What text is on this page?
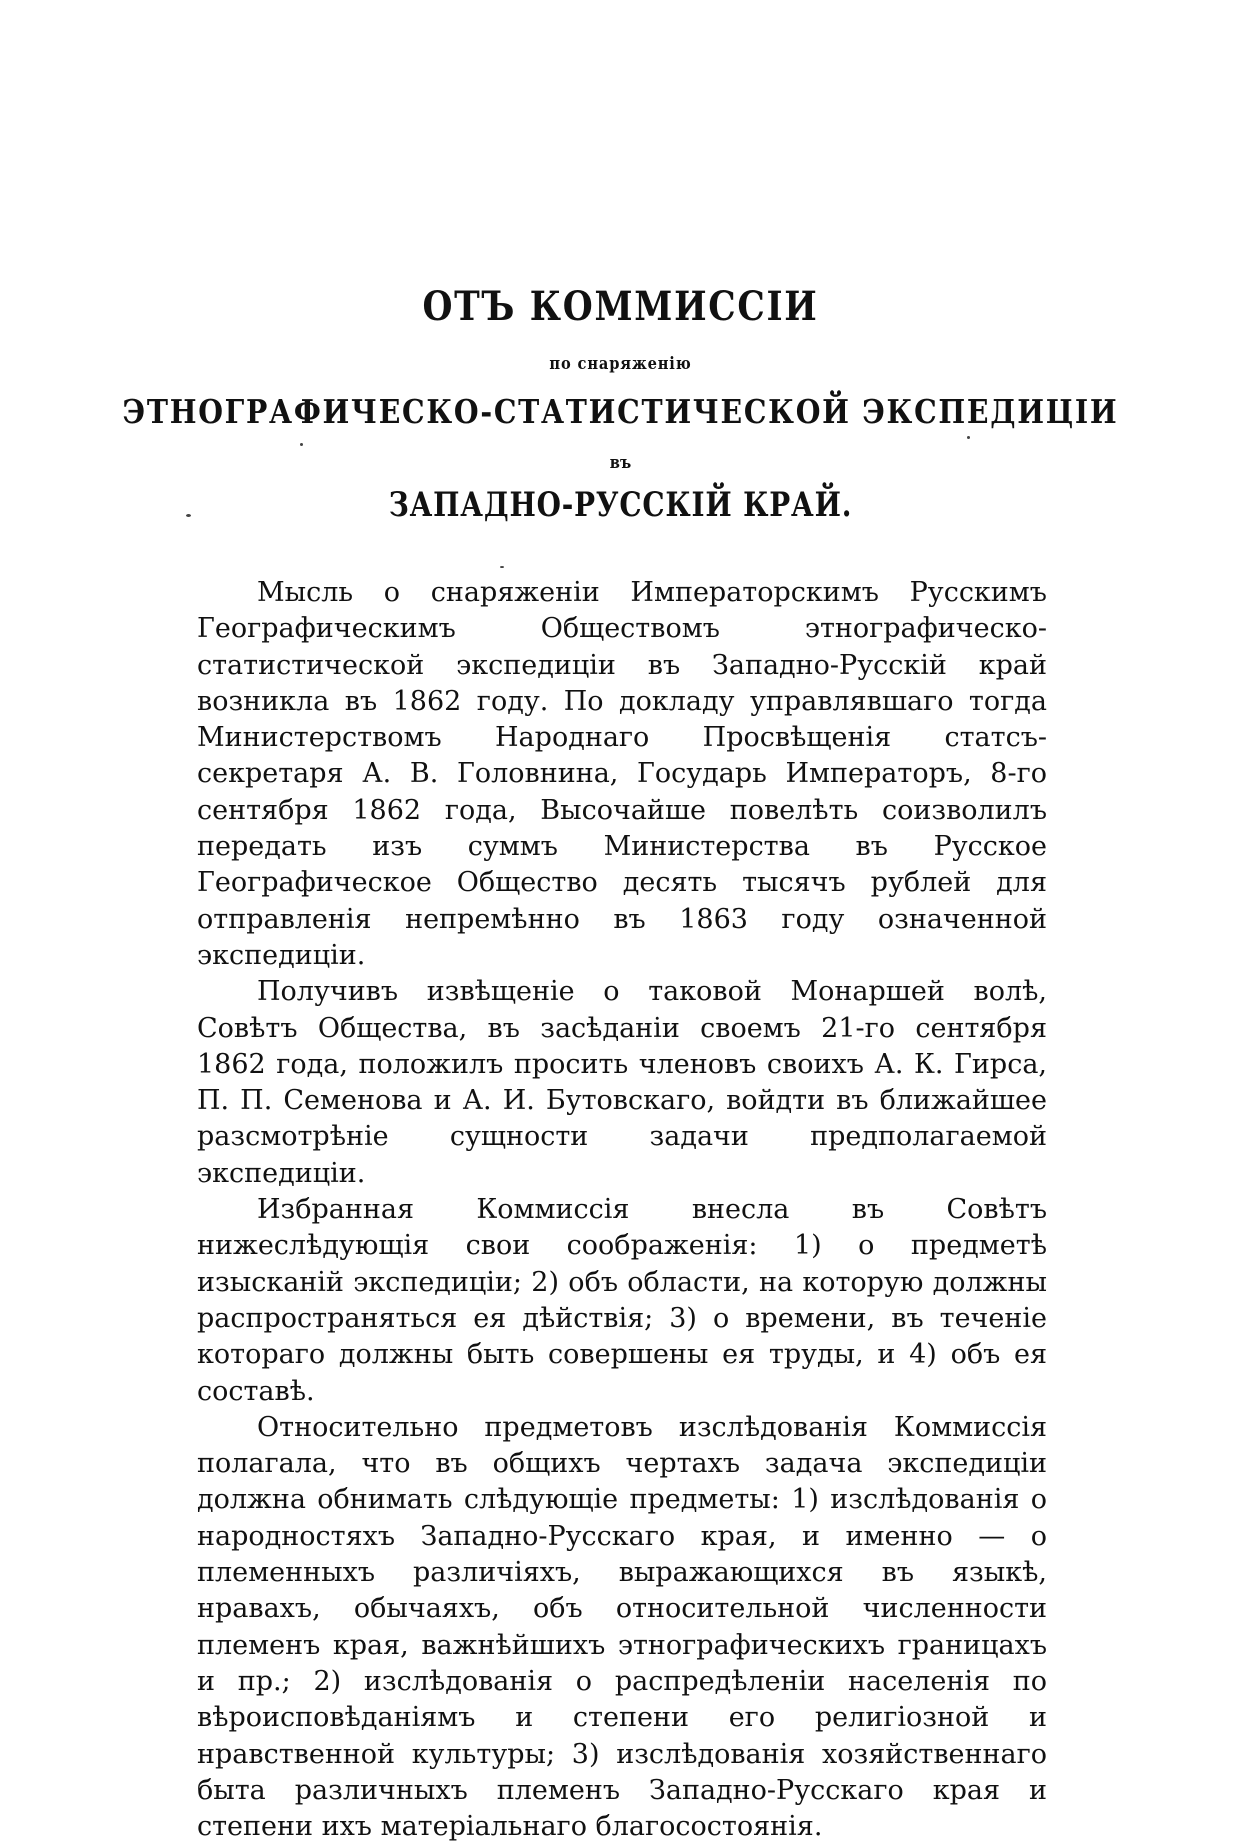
ОТЪ КОММИССІИ
по снаряженію
ЭТНОГРАФИЧЕСКО-СТАТИСТИЧЕСКОЙ ЭКСПЕДИЦІИ
въ
ЗАПАДНО-РУССКІЙ КРАЙ.

Мысль о снаряженіи Императорскимъ Русскимъ Географическимъ Обществомъ этнографическо-статистической экспедиціи въ Западно-Русскій край возникла въ 1862 году. По докладу управлявшаго тогда Министерствомъ Народнаго Просвѣщенія статсъ-секретаря А. В. Головнина, Государь Императоръ, 8-го сентября 1862 года, Высочайше повелѣть соизволилъ передать изъ суммъ Министерства въ Русское Географическое Общество десять тысячъ рублей для отправленія непремѣнно въ 1863 году означенной экспедиціи.

Получивъ извѣщеніе о таковой Монаршей волѣ, Совѣтъ Общества, въ засѣданіи своемъ 21-го сентября 1862 года, положилъ просить членовъ своихъ А. К. Гирса, П. П. Семенова и А. И. Бутовскаго, войдти въ ближайшее разсмотрѣніе сущности задачи предполагаемой экспедиціи.

Избранная Коммиссія внесла въ Совѣтъ нижеслѣдующія свои соображенія: 1) о предметѣ изысканій экспедиціи; 2) объ области, на которую должны распространяться ея дѣйствія; 3) о времени, въ теченіе котораго должны быть совершены ея труды, и 4) объ ея составѣ.

Относительно предметовъ изслѣдованія Коммиссія полагала, что въ общихъ чертахъ задача экспедиціи должна обнимать слѣдующіе предметы: 1) изслѣдованія о народностяхъ Западно-Русскаго края, и именно — о племенныхъ различіяхъ, выражающихся въ языкѣ, нравахъ, обычаяхъ, объ относительной численности племенъ края, важнѣйшихъ этнографическихъ границахъ и пр.; 2) изслѣдованія о распредѣленіи населенія по вѣроисповѣданіямъ и степени его религіозной и нравственной культуры; 3) изслѣдованія хозяйственнаго быта различныхъ племенъ Западно-Русскаго края и степени ихъ матеріальнаго благосостоянія.
